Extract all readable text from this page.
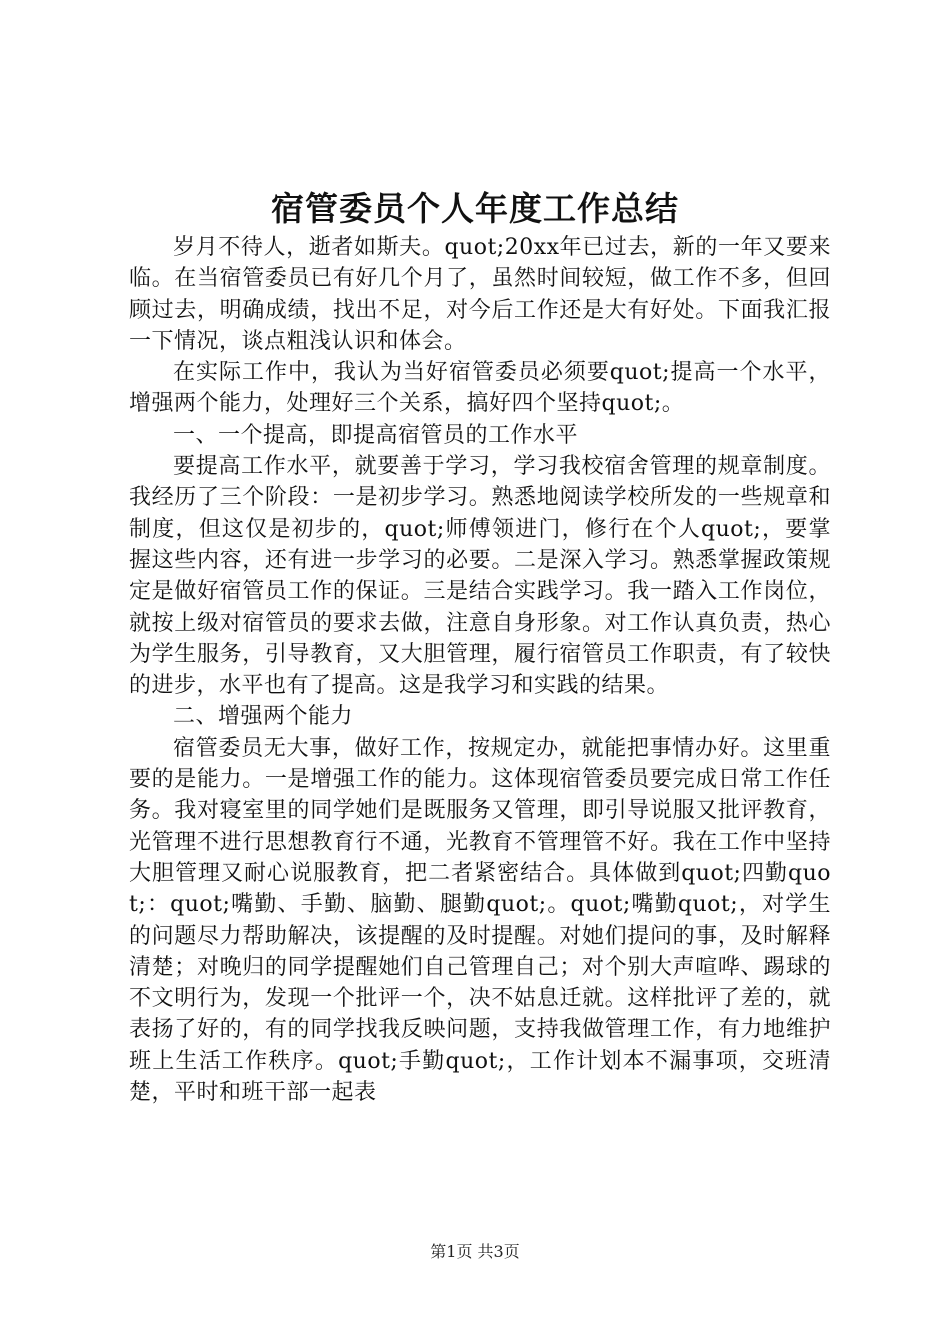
宿管委员个人年度工作总结

岁月不待人，逝者如斯夫。quot;20xx年已过去，新的一年又要来临。在当宿管委员已有好几个月了，虽然时间较短，做工作不多，但回顾过去，明确成绩，找出不足，对今后工作还是大有好处。下面我汇报一下情况，谈点粗浅认识和体会。

在实际工作中，我认为当好宿管委员必须要quot;提高一个水平，增强两个能力，处理好三个关系，搞好四个坚持quot;。

一、一个提高，即提高宿管员的工作水平

要提高工作水平，就要善于学习，学习我校宿舍管理的规章制度。我经历了三个阶段：一是初步学习。熟悉地阅读学校所发的一些规章和制度，但这仅是初步的，quot;师傅领进门，修行在个人quot;，要掌握这些内容，还有进一步学习的必要。二是深入学习。熟悉掌握政策规定是做好宿管员工作的保证。三是结合实践学习。我一踏入工作岗位，就按上级对宿管员的要求去做，注意自身形象。对工作认真负责，热心为学生服务，引导教育，又大胆管理，履行宿管员工作职责，有了较快的进步，水平也有了提高。这是我学习和实践的结果。

二、增强两个能力

宿管委员无大事，做好工作，按规定办，就能把事情办好。这里重要的是能力。一是增强工作的能力。这体现宿管委员要完成日常工作任务。我对寝室里的同学她们是既服务又管理，即引导说服又批评教育，光管理不进行思想教育行不通，光教育不管理管不好。我在工作中坚持大胆管理又耐心说服教育，把二者紧密结合。具体做到quot;四勤quot;：quot;嘴勤、手勤、脑勤、腿勤quot;。quot;嘴勤quot;，对学生的问题尽力帮助解决，该提醒的及时提醒。对她们提问的事，及时解释清楚；对晚归的同学提醒她们自己管理自己；对个别大声喧哗、踢球的不文明行为，发现一个批评一个，决不姑息迁就。这样批评了差的，就表扬了好的，有的同学找我反映问题，支持我做管理工作，有力地维护班上生活工作秩序。quot;手勤quot;，工作计划本不漏事项，交班清楚，平时和班干部一起表

第1页 共3页
